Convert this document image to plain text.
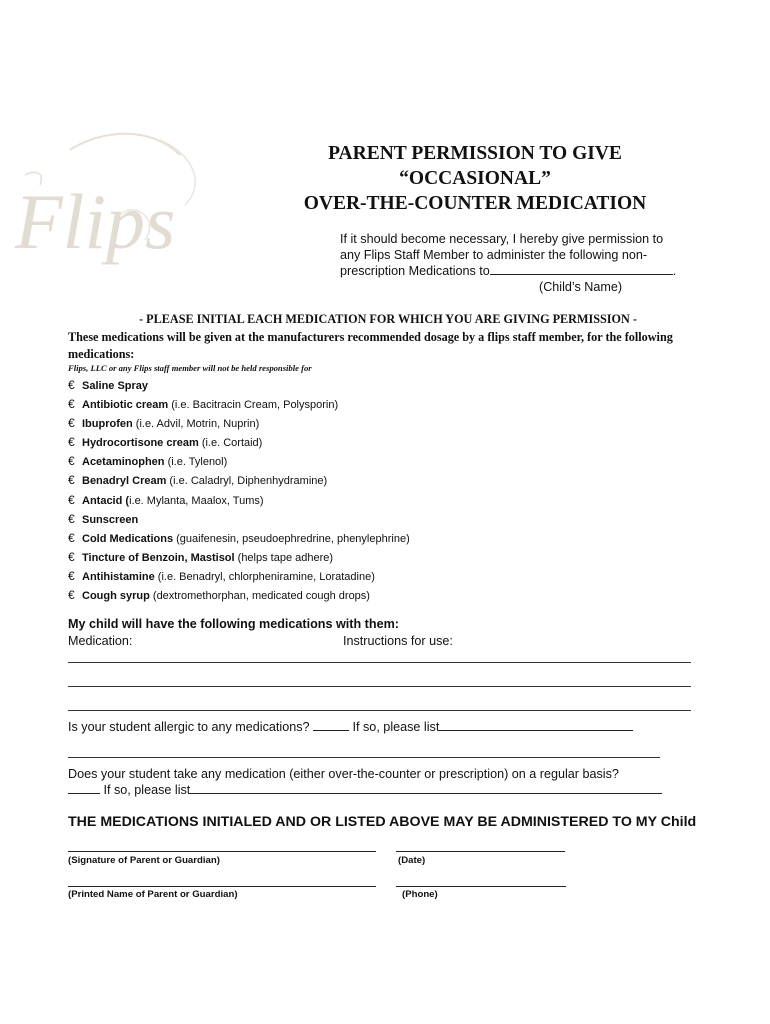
Flips
PARENT PERMISSION TO GIVE
“OCCASIONAL”
OVER-THE-COUNTER MEDICATION
If it should become necessary, I hereby give permission to
any Flips Staff Member to administer the following non-
prescription Medications to	.
(Child’s Name)
- PLEASE INITIAL EACH MEDICATION FOR WHICH YOU ARE GIVING PERMISSION -
These medications will be given at the manufacturers recommended dosage by a flips staff member, for the following medications:
Flips, LLC or any Flips staff member will not be held responsible for
€ Saline Spray
€ Antibiotic cream (i.e. Bacitracin Cream, Polysporin)
€ Ibuprofen (i.e. Advil, Motrin, Nuprin)
€ Hydrocortisone cream (i.e. Cortaid)
€ Acetaminophen (i.e. Tylenol)
€ Benadryl Cream (i.e. Caladryl, Diphenhydramine)
€ Antacid (i.e. Mylanta, Maalox, Tums)
€ Sunscreen
€ Cold Medications (guaifenesin, pseudoephredrine, phenylephrine)
€ Tincture of Benzoin, Mastisol (helps tape adhere)
€ Antihistamine (i.e. Benadryl, chlorpheniramine, Loratadine)
€ Cough syrup (dextromethorphan, medicated cough drops)
My child will have the following medications with them:
Medication:	Instructions for use:
Is your student allergic to any medications?	If so, please list
Does your student take any medication (either over-the-counter or prescription) on a regular basis?
If so, please list
THE MEDICATIONS INITIALED AND OR LISTED ABOVE MAY BE ADMINISTERED TO MY Child
(Signature of Parent or Guardian)	(Date)
(Printed Name of Parent or Guardian)	(Phone)
